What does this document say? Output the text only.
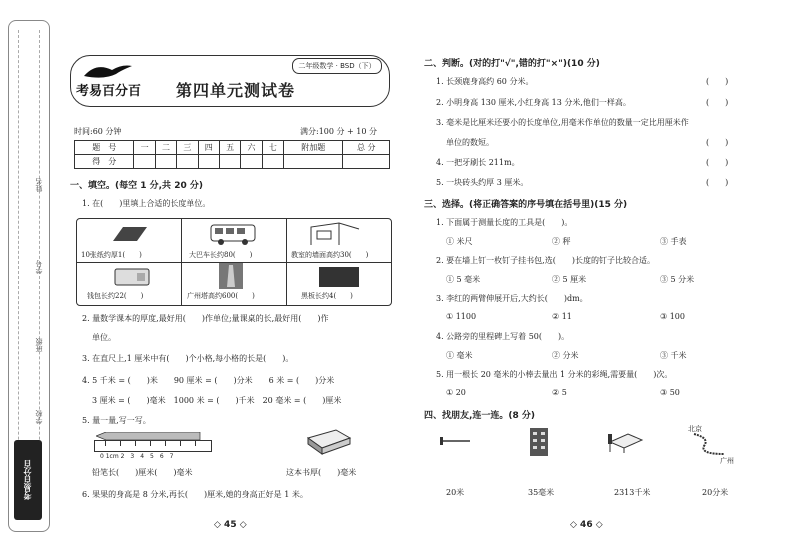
姓名
学号
班级
学校
考易百分百
二年级数学 · BSD（下）
考易百分百 第四单元测试卷
时间:60 分钟	满分:100 分 + 10 分
题　号	一	二	三	四	五	六	七	附加题	总 分
得　分									
一、填空。(每空 1 分,共 20 分)
1. 在(　　)里填上合适的长度单位。
10张纸约厚1(　　)	大巴车长约80(　　)	教室的墙面高约30(　　)
钱包长约22(　　)	广州塔高约600(　　)	黑板长约4(　　)
2. 量数学课本的厚度,最好用(　　)作单位;量课桌的长,最好用(　　)作
单位。
3. 在直尺上,1 厘米中有(　　)个小格,每小格的长是(　　)。
4. 5 千米 = (　　)米　　90 厘米 = (　　)分米　　6 米 = (　　)分米
3 厘米 = (　　)毫米　1000 米 = (　　)千米　20 毫米 = (　　)厘米
5. 量一量,写一写。
0 1cm 2　3　4　5　6　7
铅笔长(　　)厘米(　　)毫米	这本书厚(　　)毫米
6. 果果的身高是 8 分米,再长(　　)厘米,她的身高正好是 1 米。
◇ 45 ◇
二、判断。(对的打"√",错的打"×")(10 分)
1. 长颈鹿身高约 60 分米。	(　　)
2. 小明身高 130 厘米,小红身高 13 分米,他们一样高。	(　　)
3. 毫米是比厘米还要小的长度单位,用毫米作单位的数量一定比用厘米作
单位的数短。	(　　)
4. 一把牙刷长 211m。	(　　)
5. 一块砖头约厚 3 厘米。	(　　)
三、选择。(将正确答案的序号填在括号里)(15 分)
1. 下面属于测量长度的工具是(　　)。
① 米尺	② 秤	③ 手表
2. 要在墙上钉一枚钉子挂书包,选(　　)长度的钉子比较合适。
① 5 毫米	② 5 厘米	③ 5 分米
3. 李红的两臂伸展开后,大约长(　　)dm。
① 1100	② 11	③ 100
4. 公路旁的里程碑上写着 50(　　)。
① 毫米	② 分米	③ 千米
5. 用一根长 20 毫米的小棒去量出 1 分米的彩绳,需要量(　　)次。
① 20	② 5	③ 50
四、找朋友,连一连。(8 分)
北京
广州
20米	35毫米	2313千米	20分米
◇ 46 ◇
